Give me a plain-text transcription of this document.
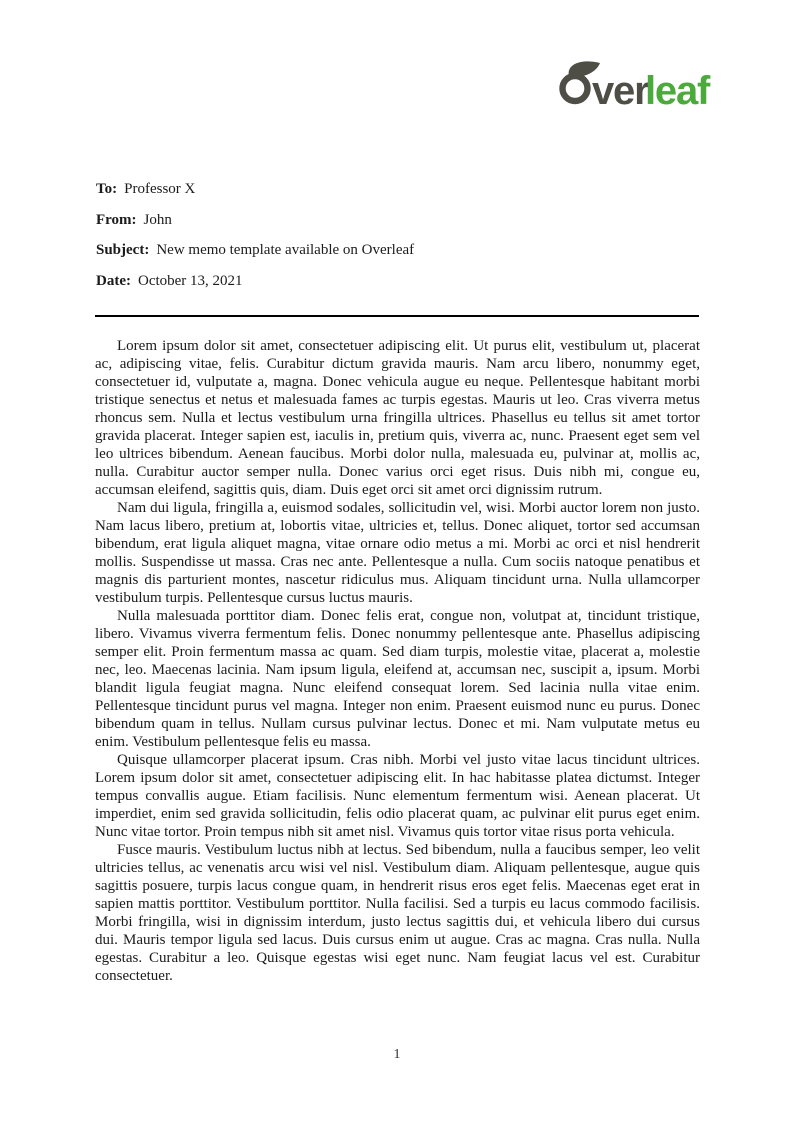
ver
leaf
To: Professor X
From: John
Subject: New memo template available on Overleaf
Date: October 13, 2021

Lorem ipsum dolor sit amet, consectetuer adipiscing elit. Ut purus elit, vestibulum ut, placerat ac, adipiscing vitae, felis. Curabitur dictum gravida mauris. Nam arcu libero, nonummy eget, consectetuer id, vulputate a, magna. Donec vehicula augue eu neque. Pellentesque habitant morbi tristique senectus et netus et malesuada fames ac turpis egestas. Mauris ut leo. Cras viverra metus rhoncus sem. Nulla et lectus vestibulum urna fringilla ultrices. Phasellus eu tellus sit amet tortor gravida placerat. Integer sapien est, iaculis in, pretium quis, viverra ac, nunc. Praesent eget sem vel leo ultrices bibendum. Aenean faucibus. Morbi dolor nulla, malesuada eu, pulvinar at, mollis ac, nulla. Curabitur auctor semper nulla. Donec varius orci eget risus. Duis nibh mi, congue eu, accumsan eleifend, sagittis quis, diam. Duis eget orci sit amet orci dignissim rutrum.

Nam dui ligula, fringilla a, euismod sodales, sollicitudin vel, wisi. Morbi auctor lorem non justo. Nam lacus libero, pretium at, lobortis vitae, ultricies et, tellus. Donec aliquet, tortor sed accumsan bibendum, erat ligula aliquet magna, vitae ornare odio metus a mi. Morbi ac orci et nisl hendrerit mollis. Suspendisse ut massa. Cras nec ante. Pellentesque a nulla. Cum sociis natoque penatibus et magnis dis parturient montes, nascetur ridiculus mus. Aliquam tincidunt urna. Nulla ullamcorper vestibulum turpis. Pellentesque cursus luctus mauris.

Nulla malesuada porttitor diam. Donec felis erat, congue non, volutpat at, tincidunt tristique, libero. Vivamus viverra fermentum felis. Donec nonummy pellentesque ante. Phasellus adipiscing semper elit. Proin fermentum massa ac quam. Sed diam turpis, molestie vitae, placerat a, molestie nec, leo. Maecenas lacinia. Nam ipsum ligula, eleifend at, accumsan nec, suscipit a, ipsum. Morbi blandit ligula feugiat magna. Nunc eleifend consequat lorem. Sed lacinia nulla vitae enim. Pellentesque tincidunt purus vel magna. Integer non enim. Praesent euismod nunc eu purus. Donec bibendum quam in tellus. Nullam cursus pulvinar lectus. Donec et mi. Nam vulputate metus eu enim. Vestibulum pellentesque felis eu massa.

Quisque ullamcorper placerat ipsum. Cras nibh. Morbi vel justo vitae lacus tincidunt ultrices. Lorem ipsum dolor sit amet, consectetuer adipiscing elit. In hac habitasse platea dictumst. Integer tempus convallis augue. Etiam facilisis. Nunc elementum fermentum wisi. Aenean placerat. Ut imperdiet, enim sed gravida sollicitudin, felis odio placerat quam, ac pulvinar elit purus eget enim. Nunc vitae tortor. Proin tempus nibh sit amet nisl. Vivamus quis tortor vitae risus porta vehicula.

Fusce mauris. Vestibulum luctus nibh at lectus. Sed bibendum, nulla a faucibus semper, leo velit ultricies tellus, ac venenatis arcu wisi vel nisl. Vestibulum diam. Aliquam pellentesque, augue quis sagittis posuere, turpis lacus congue quam, in hendrerit risus eros eget felis. Maecenas eget erat in sapien mattis porttitor. Vestibulum porttitor. Nulla facilisi. Sed a turpis eu lacus commodo facilisis. Morbi fringilla, wisi in dignissim interdum, justo lectus sagittis dui, et vehicula libero dui cursus dui. Mauris tempor ligula sed lacus. Duis cursus enim ut augue. Cras ac magna. Cras nulla. Nulla egestas. Curabitur a leo. Quisque egestas wisi eget nunc. Nam feugiat lacus vel est. Curabitur consectetuer.

1
